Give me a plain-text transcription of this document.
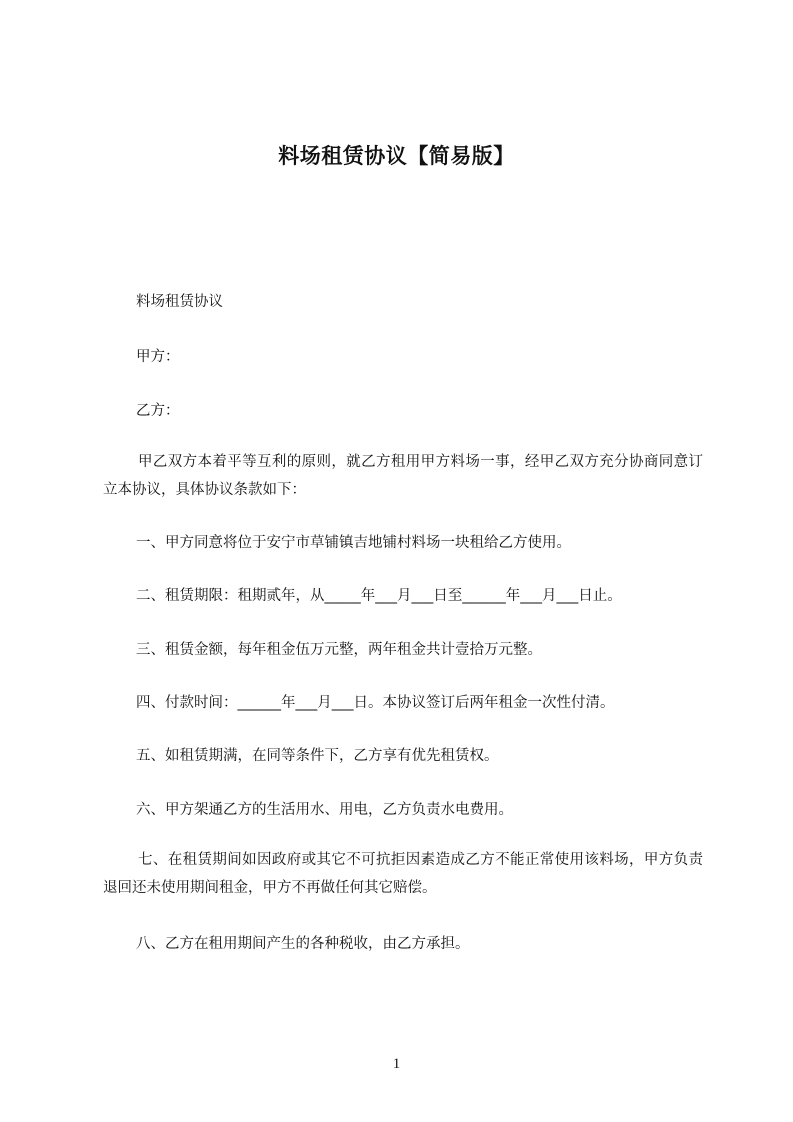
料场租赁协议【简易版】
料场租赁协议
甲方：
乙方：
甲乙双方本着平等互利的原则，就乙方租用甲方料场一事，经甲乙双方充分协商同意订立本协议，具体协议条款如下：
一、甲方同意将位于安宁市草铺镇吉地铺村料场一块租给乙方使用。
二、租赁期限：租期贰年，从_____年___月___日至______年___月___日止。
三、租赁金额，每年租金伍万元整，两年租金共计壹拾万元整。
四、付款时间：______年___月___日。本协议签订后两年租金一次性付清。
五、如租赁期满，在同等条件下，乙方享有优先租赁权。
六、甲方架通乙方的生活用水、用电，乙方负责水电费用。
七、在租赁期间如因政府或其它不可抗拒因素造成乙方不能正常使用该料场，甲方负责退回还未使用期间租金，甲方不再做任何其它赔偿。
八、乙方在租用期间产生的各种税收，由乙方承担。
1
